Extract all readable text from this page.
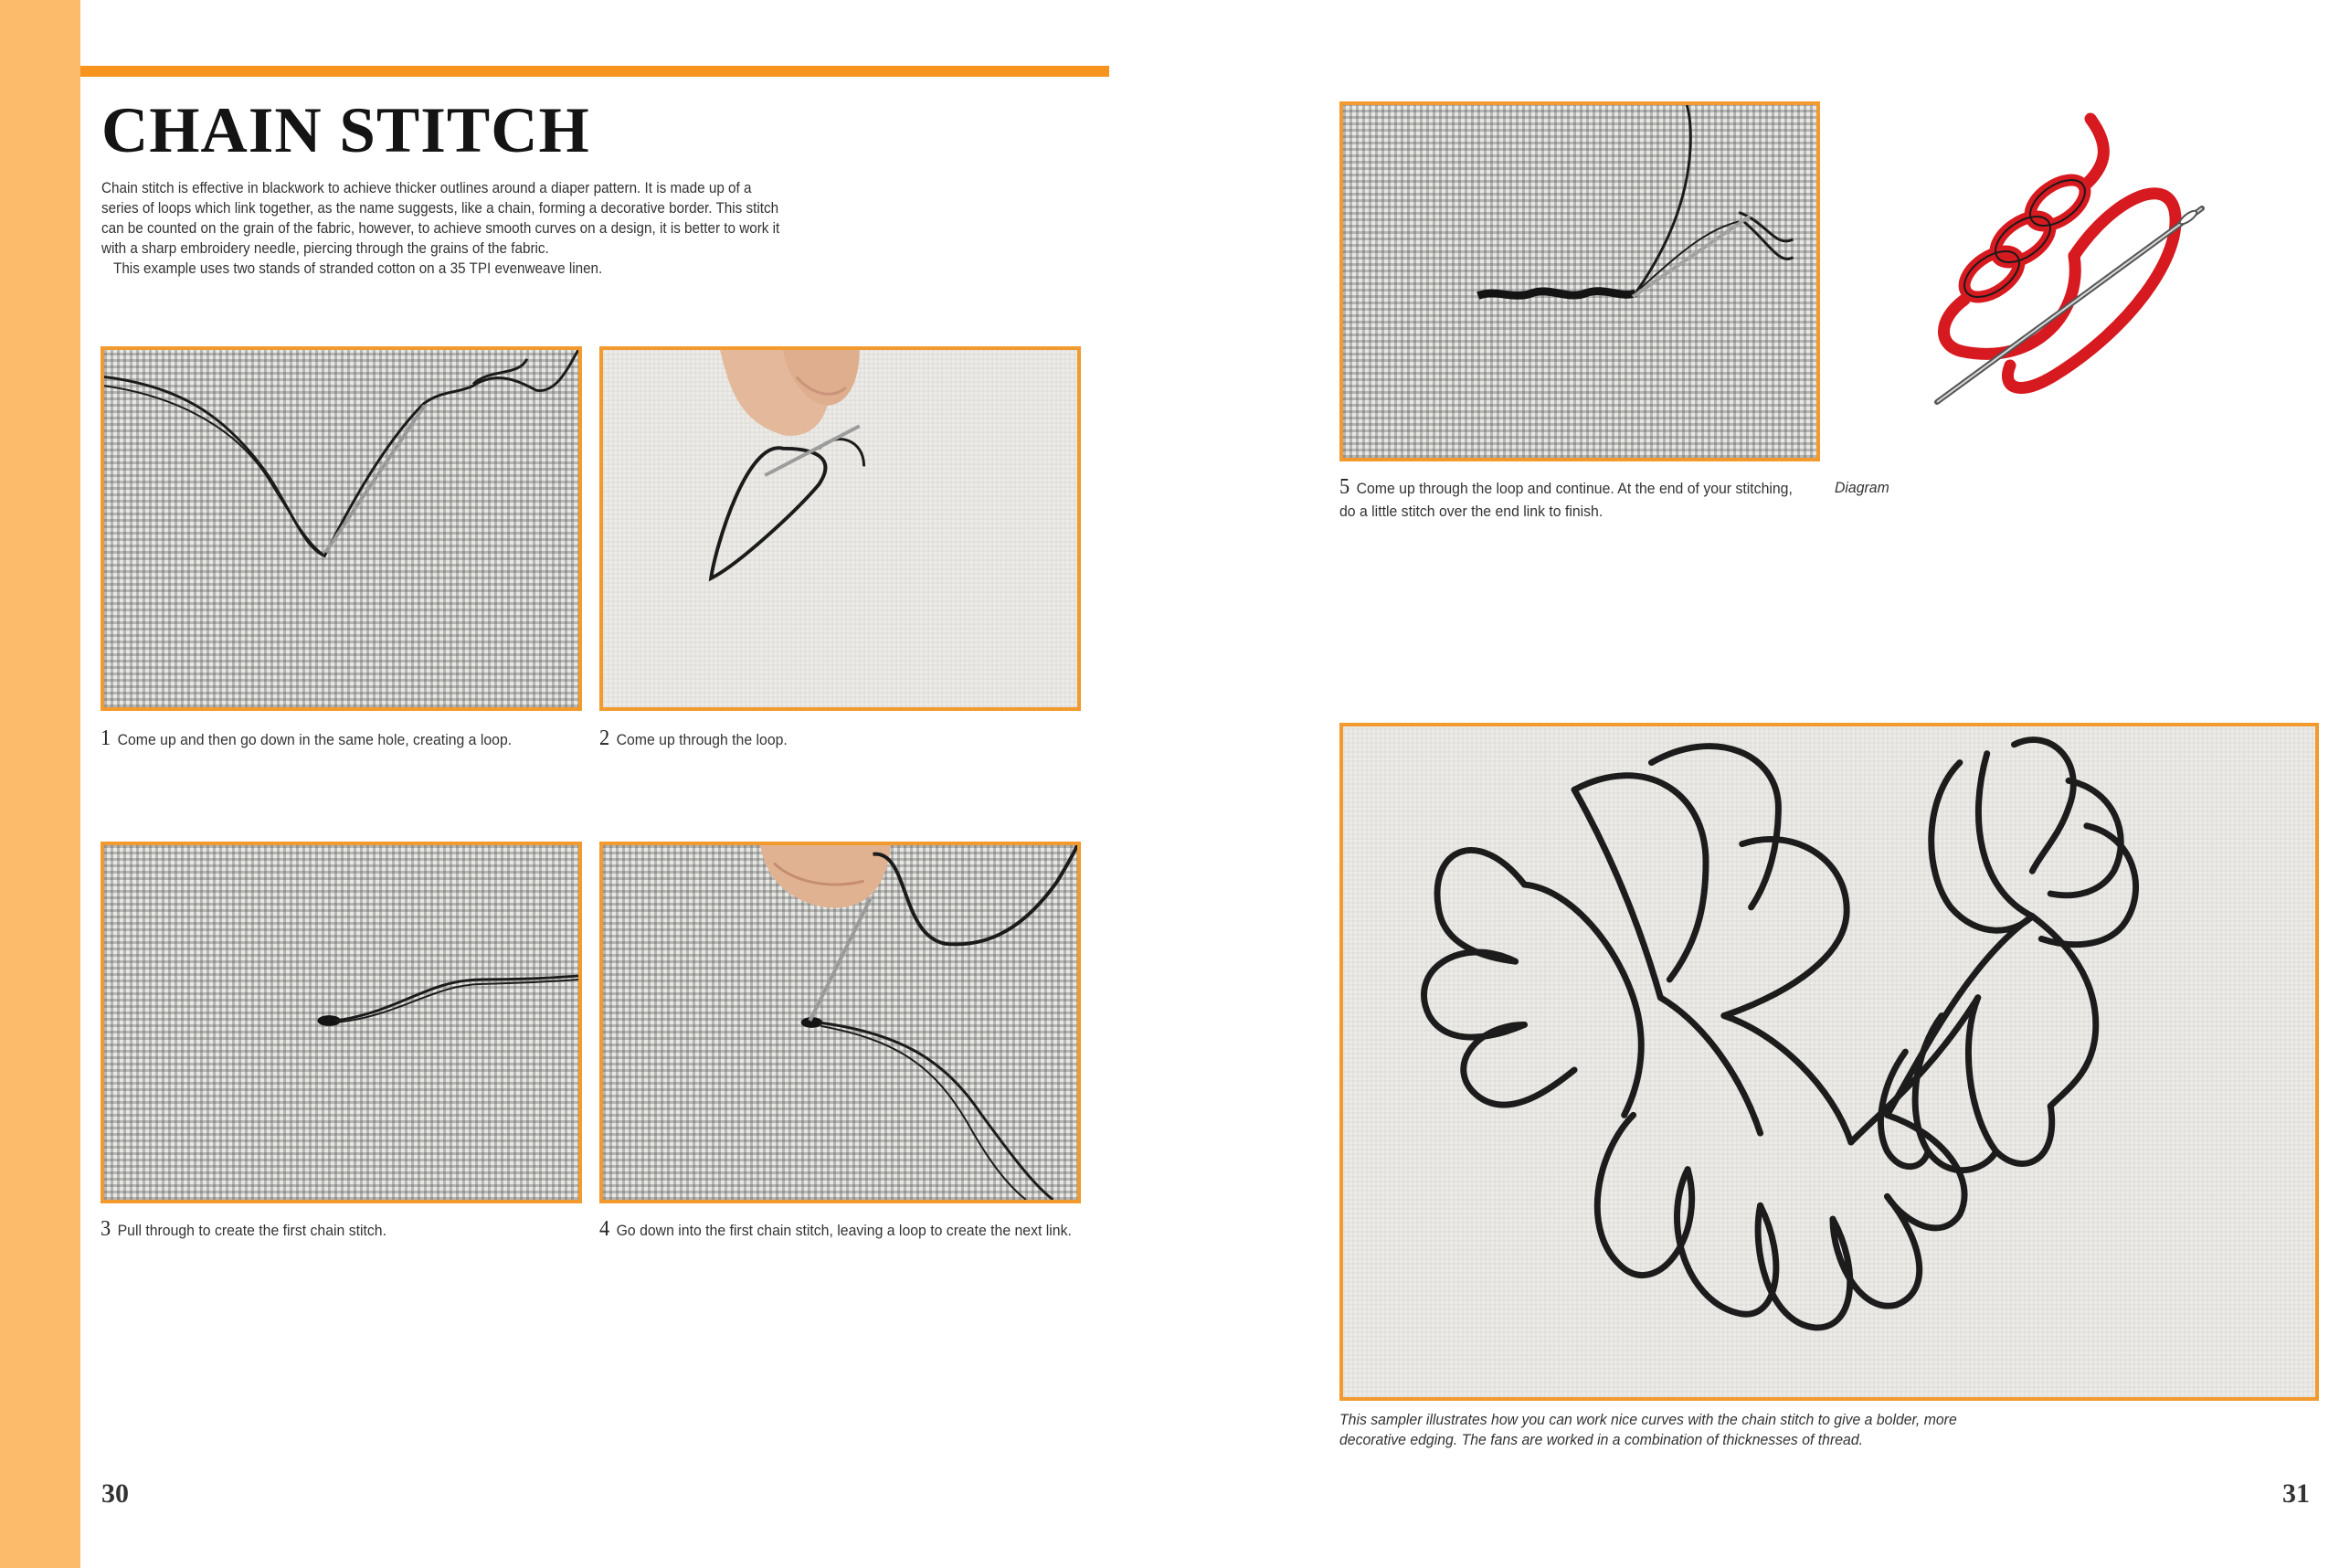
CHAIN STITCH

Chain stitch is effective in blackwork to achieve thicker outlines around a diaper pattern. It is made up of a series of loops which link together, as the name suggests, like a chain, forming a decorative border. This stitch can be counted on the grain of the fabric, however, to achieve smooth curves on a design, it is better to work it with a sharp embroidery needle, piercing through the grains of the fabric.

This example uses two stands of stranded cotton on a 35 TPI evenweave linen.

1 Come up and then go down in the same hole, creating a loop.	2 Come up through the loop.
3 Pull through to create the first chain stitch.	4 Go down into the first chain stitch, leaving a loop to create the next link.
5 Come up through the loop and continue. At the end of your stitching, do a little stitch over the end link to finish.
Diagram
This sampler illustrates how you can work nice curves with the chain stitch to give a bolder, more decorative edging. The fans are worked in a combination of thicknesses of thread.
30	31
